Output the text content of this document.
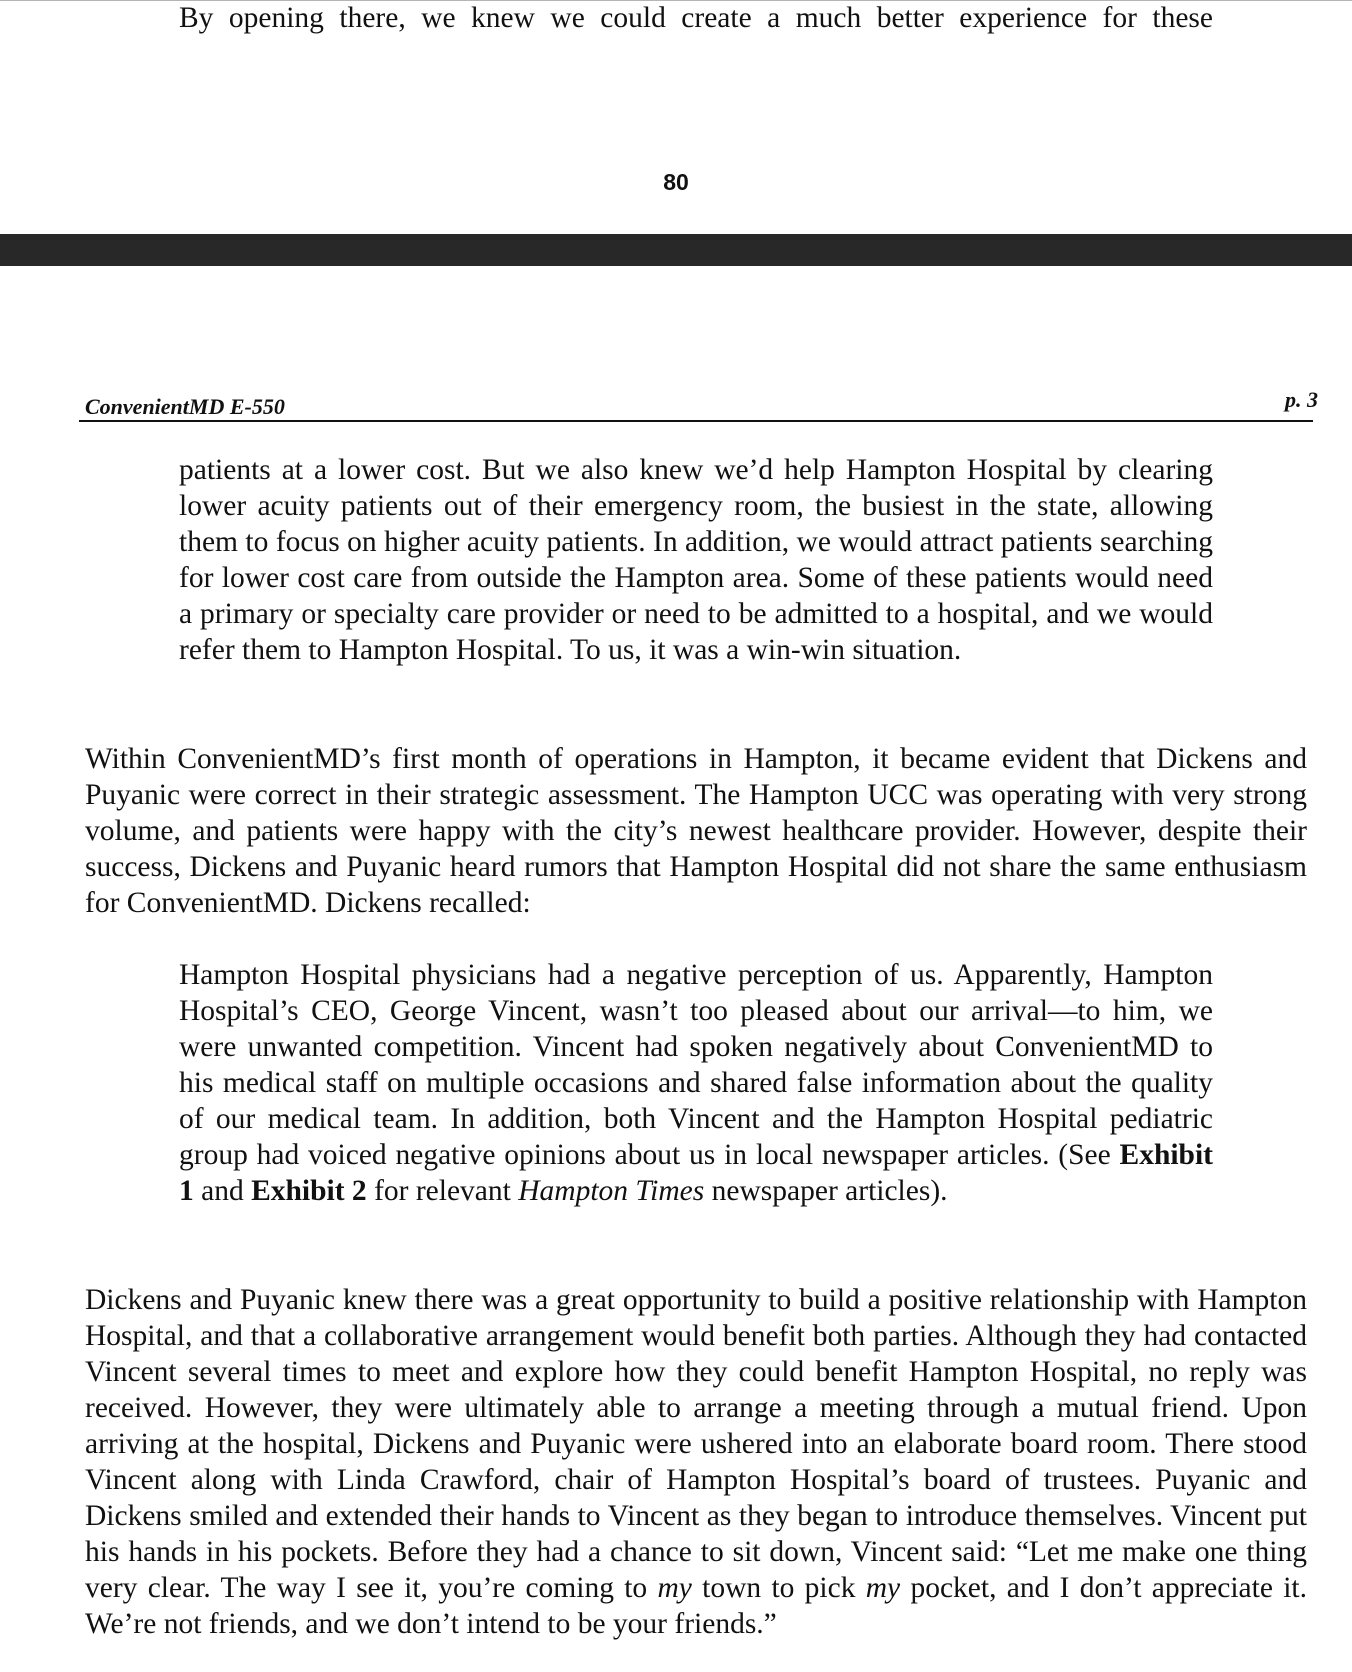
By opening there, we knew we could create a much better experience for these

80
ConvenientMD E-550	p. 3

patients at a lower cost. But we also knew we’d help Hampton Hospital by clearing lower acuity patients out of their emergency room, the busiest in the state, allowing them to focus on higher acuity patients. In addition, we would attract patients searching for lower cost care from outside the Hampton area. Some of these patients would need a primary or specialty care provider or need to be admitted to a hospital, and we would refer them to Hampton Hospital. To us, it was a win-win situation.

Within ConvenientMD’s first month of operations in Hampton, it became evident that Dickens and Puyanic were correct in their strategic assessment. The Hampton UCC was operating with very strong volume, and patients were happy with the city’s newest healthcare provider. However, despite their success, Dickens and Puyanic heard rumors that Hampton Hospital did not share the same enthusiasm for ConvenientMD. Dickens recalled:

Hampton Hospital physicians had a negative perception of us. Apparently, Hampton Hospital’s CEO, George Vincent, wasn’t too pleased about our arrival—to him, we were unwanted competition. Vincent had spoken negatively about ConvenientMD to his medical staff on multiple occasions and shared false information about the quality of our medical team. In addition, both Vincent and the Hampton Hospital pediatric group had voiced negative opinions about us in local newspaper articles. (See Exhibit 1 and Exhibit 2 for relevant Hampton Times newspaper articles).

Dickens and Puyanic knew there was a great opportunity to build a positive relationship with Hampton Hospital, and that a collaborative arrangement would benefit both parties. Although they had contacted Vincent several times to meet and explore how they could benefit Hampton Hospital, no reply was received. However, they were ultimately able to arrange a meeting through a mutual friend. Upon arriving at the hospital, Dickens and Puyanic were ushered into an elaborate board room. There stood Vincent along with Linda Crawford, chair of Hampton Hospital’s board of trustees. Puyanic and Dickens smiled and extended their hands to Vincent as they began to introduce themselves. Vincent put his hands in his pockets. Before they had a chance to sit down, Vincent said: “Let me make one thing very clear. The way I see it, you’re coming to my town to pick my pocket, and I don’t appreciate it. We’re not friends, and we don’t intend to be your friends.”
